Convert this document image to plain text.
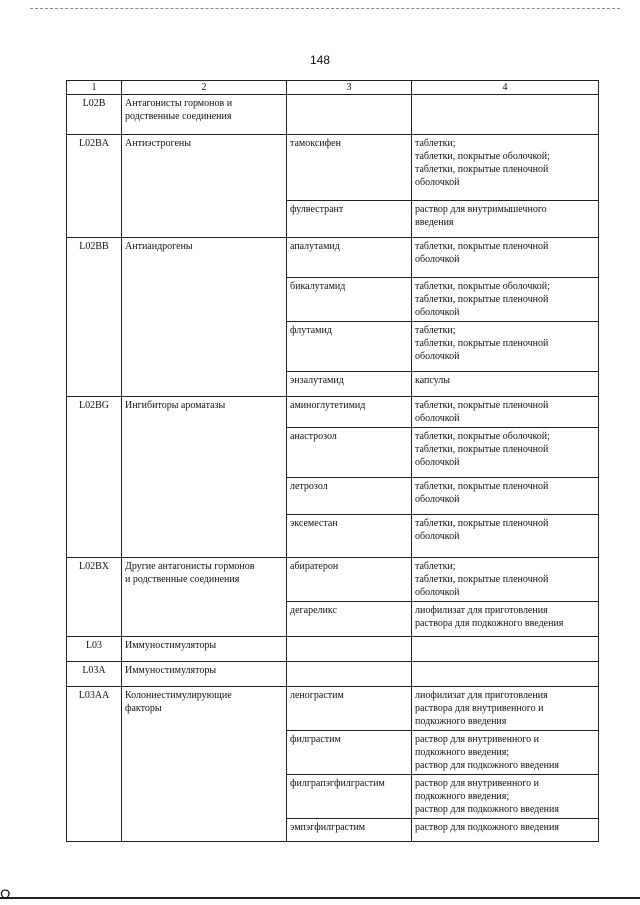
148
1	2	3	4
L02B	Антагонисты гормонов и
родственные соединения		
L02BA	Антиэстрогены	тамоксифен	таблетки;
таблетки, покрытые оболочкой;
таблетки, покрытые пленочной
оболочкой
		фулвестрант	раствор для внутримышечного
введения
L02BB	Антиандрогены	апалутамид	таблетки, покрытые пленочной
оболочкой
		бикалутамид	таблетки, покрытые оболочкой;
таблетки, покрытые пленочной
оболочкой
		флутамид	таблетки;
таблетки, покрытые пленочной
оболочкой
		энзалутамид	капсулы
L02BG	Ингибиторы ароматазы	аминоглутетимид	таблетки, покрытые пленочной
оболочкой
		анастрозол	таблетки, покрытые оболочкой;
таблетки, покрытые пленочной
оболочкой
		летрозол	таблетки, покрытые пленочной
оболочкой
		эксеместан	таблетки, покрытые пленочной
оболочкой
L02BX	Другие антагонисты гормонов
и родственные соединения	абиратерон	таблетки;
таблетки, покрытые пленочной
оболочкой
		дегареликс	лиофилизат для приготовления
раствора для подкожного введения
L03	Иммуностимуляторы		
L03A	Иммуностимуляторы		
L03AA	Колониестимулирующие
факторы	ленограстим	лиофилизат для приготовления
раствора для внутривенного и
подкожного введения
		филграстим	раствор для внутривенного и
подкожного введения;
раствор для подкожного введения
		филграпэгфилграстим	раствор для внутривенного и
подкожного введения;
раствор для подкожного введения
		эмпэгфилграстим	раствор для подкожного введения
Ω
